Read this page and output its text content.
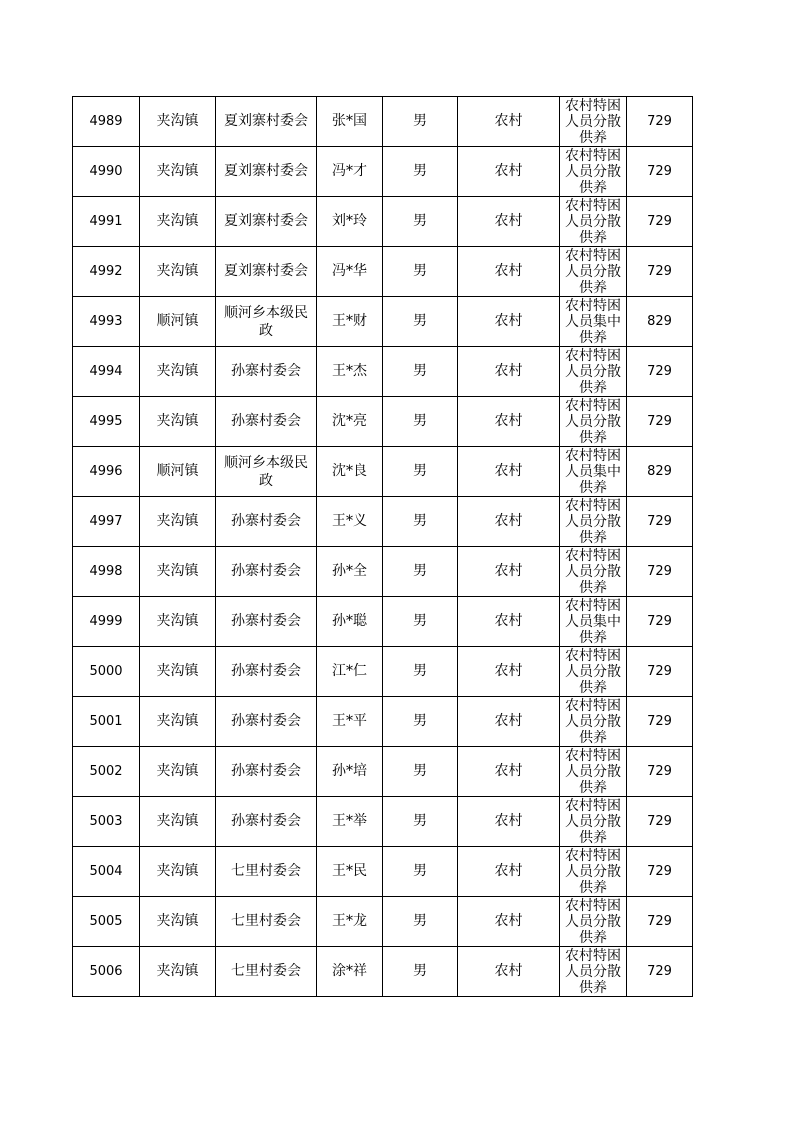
4989	夹沟镇	夏刘寨村委会	张*国	男	农村	农村特困人员分散供养	729
4990	夹沟镇	夏刘寨村委会	冯*才	男	农村	农村特困人员分散供养	729
4991	夹沟镇	夏刘寨村委会	刘*玲	男	农村	农村特困人员分散供养	729
4992	夹沟镇	夏刘寨村委会	冯*华	男	农村	农村特困人员分散供养	729
4993	顺河镇	顺河乡本级民政	王*财	男	农村	农村特困人员集中供养	829
4994	夹沟镇	孙寨村委会	王*杰	男	农村	农村特困人员分散供养	729
4995	夹沟镇	孙寨村委会	沈*亮	男	农村	农村特困人员分散供养	729
4996	顺河镇	顺河乡本级民政	沈*良	男	农村	农村特困人员集中供养	829
4997	夹沟镇	孙寨村委会	王*义	男	农村	农村特困人员分散供养	729
4998	夹沟镇	孙寨村委会	孙*全	男	农村	农村特困人员分散供养	729
4999	夹沟镇	孙寨村委会	孙*聪	男	农村	农村特困人员集中供养	729
5000	夹沟镇	孙寨村委会	江*仁	男	农村	农村特困人员分散供养	729
5001	夹沟镇	孙寨村委会	王*平	男	农村	农村特困人员分散供养	729
5002	夹沟镇	孙寨村委会	孙*培	男	农村	农村特困人员分散供养	729
5003	夹沟镇	孙寨村委会	王*举	男	农村	农村特困人员分散供养	729
5004	夹沟镇	七里村委会	王*民	男	农村	农村特困人员分散供养	729
5005	夹沟镇	七里村委会	王*龙	男	农村	农村特困人员分散供养	729
5006	夹沟镇	七里村委会	涂*祥	男	农村	农村特困人员分散供养	729
